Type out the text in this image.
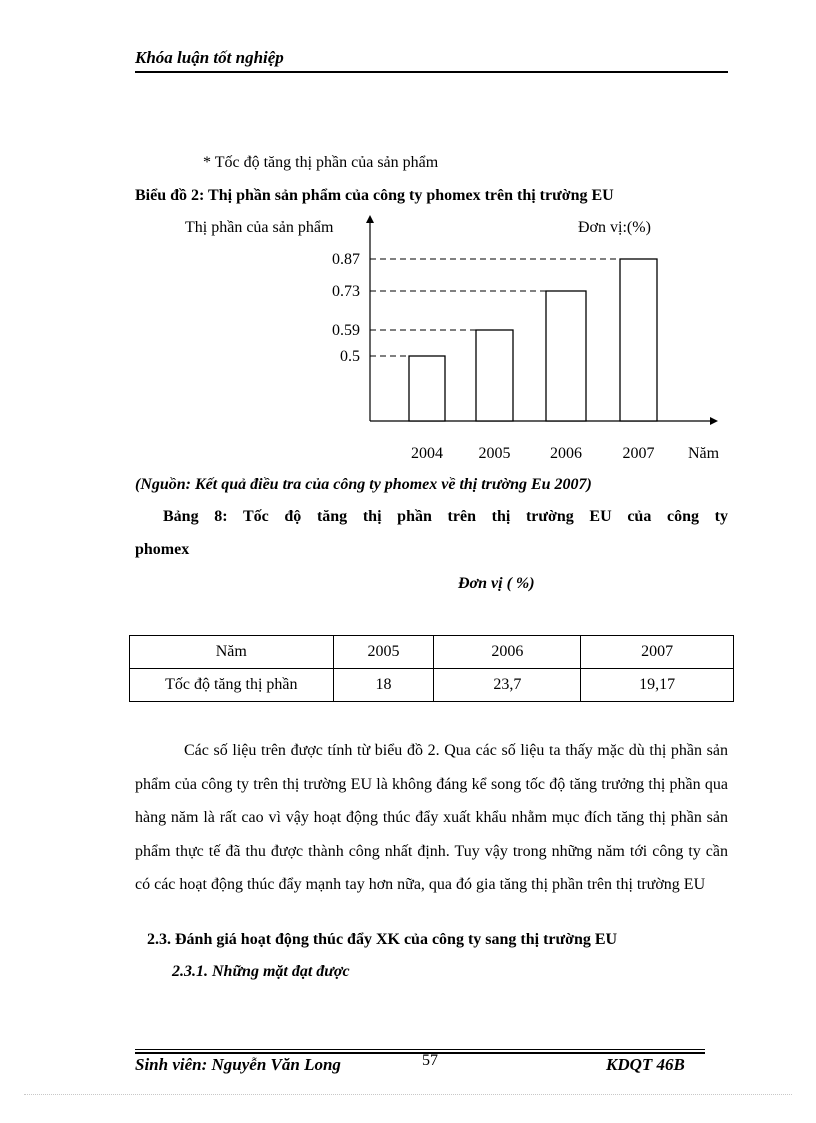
Khóa luận tốt nghiệp
* Tốc độ tăng thị phần của sản phẩm
Biểu đồ 2: Thị phần sản phẩm của công ty phomex trên thị trường EU
2004 2005 2006	2007
0.87
0.73
0.59
0.5
Năm
Thị phần của sản phẩm	Đơn vị:(%)
(Nguồn: Kết quả điều tra của công ty phomex về thị trường Eu 2007)
Bảng 8: Tốc độ tăng thị phần trên thị trường EU của công ty
phomex
Đơn vị ( %)
Năm	2005	2006	2007
Tốc độ tăng thị phần	18	23,7	19,17
Các số liệu trên được tính từ biểu đồ 2. Qua các số liệu ta thấy mặc dù thị phần sản phẩm của công ty trên thị trường EU là không đáng kể song tốc độ tăng trưởng thị phần qua hàng năm là rất cao vì vậy hoạt động thúc đẩy xuất khẩu nhằm mục đích tăng thị phần sản phẩm thực tế đã thu được thành công nhất định. Tuy vậy trong những năm tới công ty cần có các hoạt động thúc đẩy mạnh tay hơn nữa, qua đó gia tăng thị phần trên thị trường EU
2.3. Đánh giá hoạt động thúc đẩy XK của công ty sang thị trường EU
2.3.1. Những mặt đạt được
Sinh viên: Nguyễn Văn Long	57	KDQT 46B
